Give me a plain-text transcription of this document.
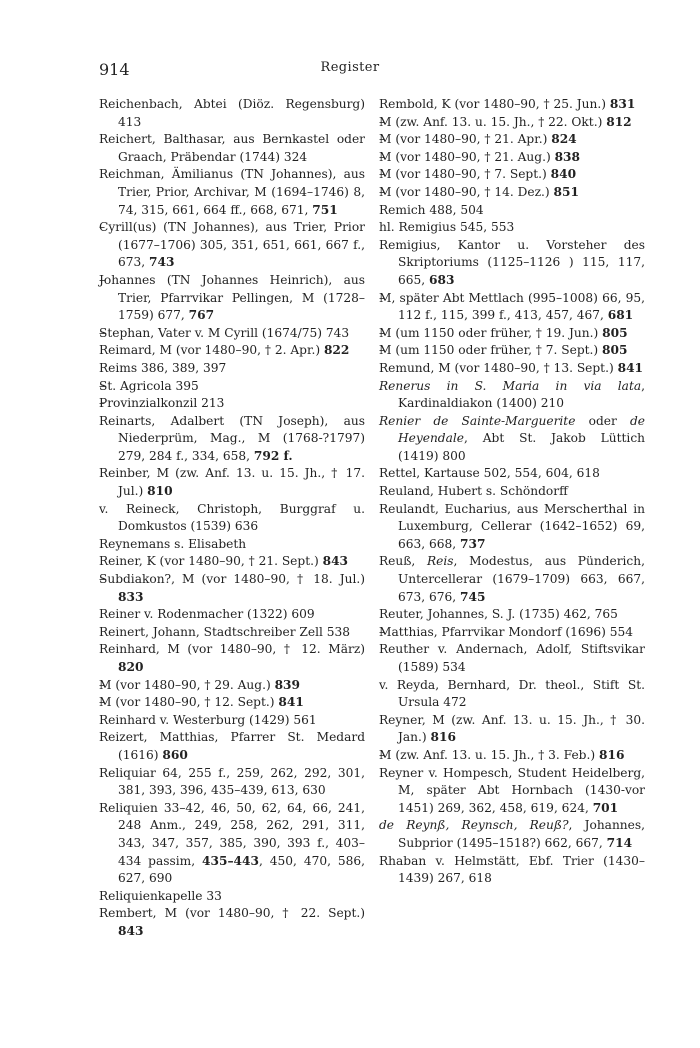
914	Register

Reichenbach, Abtei (Diöz. Regensburg) 413

Reichert, Balthasar, aus Bernkastel oder Graach, Präbendar (1744) 324

Reichman, Ämilianus (TN Johannes), aus Trier, Prior, Archivar, M (1694–1746) 8, 74, 315, 661, 664 ff., 668, 671, 751

– Cyrill(us) (TN Johannes), aus Trier, Prior (1677–1706) 305, 351, 651, 661, 667 f., 673, 743

– Johannes (TN Johannes Heinrich), aus Trier, Pfarrvikar Pellingen, M (1728–1759) 677, 767

– Stephan, Vater v. M Cyrill (1674/75) 743

Reimard, M (vor 1480–90, † 2. Apr.) 822

Reims 386, 389, 397

– St. Agricola 395

– Provinzialkonzil 213

Reinarts, Adalbert (TN Joseph), aus Niederprüm, Mag., M (1768-?1797) 279, 284 f., 334, 658, 792 f.

Reinber, M (zw. Anf. 13. u. 15. Jh., † 17. Jul.) 810

v. Reineck, Christoph, Burggraf u. Domkustos (1539) 636

Reynemans s. Elisabeth

Reiner, K (vor 1480–90, † 21. Sept.) 843

– Subdiakon?, M (vor 1480–90, † 18. Jul.) 833

Reiner v. Rodenmacher (1322) 609

Reinert, Johann, Stadtschreiber Zell 538

Reinhard, M (vor 1480–90, † 12. März) 820

– M (vor 1480–90, † 29. Aug.) 839

– M (vor 1480–90, † 12. Sept.) 841

Reinhard v. Westerburg (1429) 561

Reizert, Matthias, Pfarrer St. Medard (1616) 860

Reliquiar 64, 255 f., 259, 262, 292, 301, 381, 393, 396, 435–439, 613, 630

Reliquien 33–42, 46, 50, 62, 64, 66, 241, 248 Anm., 249, 258, 262, 291, 311, 343, 347, 357, 385, 390, 393 f., 403–434 passim, 435–443, 450, 470, 586, 627, 690

Reliquienkapelle 33

Rembert, M (vor 1480–90, † 22. Sept.) 843

Rembold, K (vor 1480–90, † 25. Jun.) 831

– M (zw. Anf. 13. u. 15. Jh., † 22. Okt.) 812

– M (vor 1480–90, † 21. Apr.) 824

– M (vor 1480–90, † 21. Aug.) 838

– M (vor 1480–90, † 7. Sept.) 840

– M (vor 1480–90, † 14. Dez.) 851

Remich 488, 504

hl. Remigius 545, 553

Remigius, Kantor u. Vorsteher des Skriptoriums (1125–1126 ) 115, 117, 665, 683

– M, später Abt Mettlach (995–1008) 66, 95, 112 f., 115, 399 f., 413, 457, 467, 681

– M (um 1150 oder früher, † 19. Jun.) 805

– M (um 1150 oder früher, † 7. Sept.) 805

Remund, M (vor 1480–90, † 13. Sept.) 841

Renerus in S. Maria in via lata, Kardinaldiakon (1400) 210

Renier de Sainte-Marguerite oder de Heyendale, Abt St. Jakob Lüttich (1419) 800

Rettel, Kartause 502, 554, 604, 618

Reuland, Hubert s. Schöndorff

Reulandt, Eucharius, aus Merscherthal in Luxemburg, Cellerar (1642–1652) 69, 663, 668, 737

Reuß, Reis, Modestus, aus Pünderich, Untercellerar (1679–1709) 663, 667, 673, 676, 745

Reuter, Johannes, S. J. (1735) 462, 765

– Matthias, Pfarrvikar Mondorf (1696) 554

Reuther v. Andernach, Adolf, Stiftsvikar (1589) 534

v. Reyda, Bernhard, Dr. theol., Stift St. Ursula 472

Reyner, M (zw. Anf. 13. u. 15. Jh., † 30. Jan.) 816

– M (zw. Anf. 13. u. 15. Jh., † 3. Feb.) 816

Reyner v. Hompesch, Student Heidelberg, M, später Abt Hornbach (1430-vor 1451) 269, 362, 458, 619, 624, 701

de Reynß, Reynsch, Reuß?, Johannes, Subprior (1495–1518?) 662, 667, 714

Rhaban v. Helmstätt, Ebf. Trier (1430–1439) 267, 618
